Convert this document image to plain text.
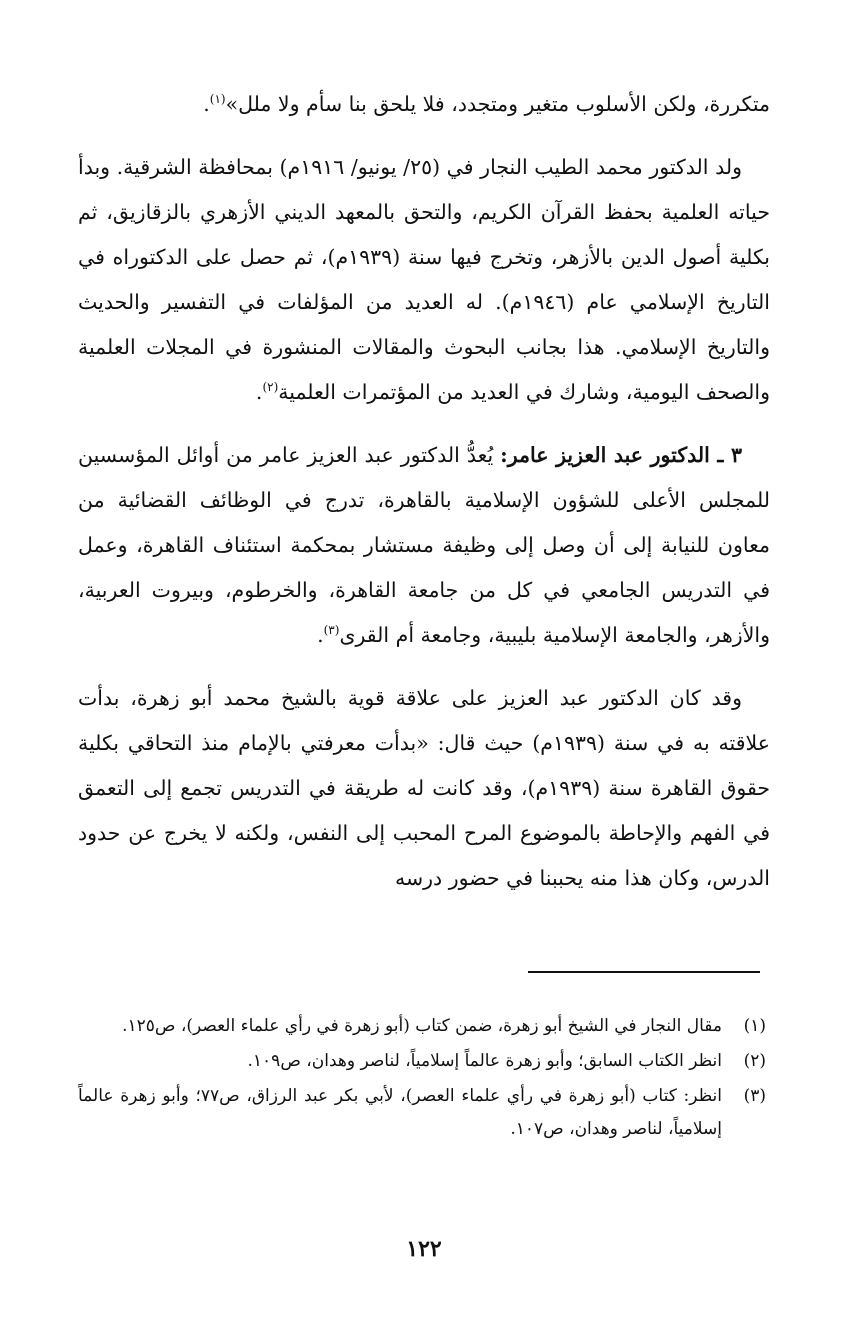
متكررة، ولكن الأسلوب متغير ومتجدد، فلا يلحق بنا سأم ولا ملل»$^{(١)}$.

ولد الدكتور محمد الطيب النجار في (٢٥/ يونيو/ ١٩١٦م) بمحافظة الشرقية. وبدأ حياته العلمية بحفظ القرآن الكريم، والتحق بالمعهد الديني الأزهري بالزقازيق، ثم بكلية أصول الدين بالأزهر، وتخرج فيها سنة (١٩٣٩م)، ثم حصل على الدكتوراه في التاريخ الإسلامي عام (١٩٤٦م). له العديد من المؤلفات في التفسير والحديث والتاريخ الإسلامي. هذا بجانب البحوث والمقالات المنشورة في المجلات العلمية والصحف اليومية، وشارك في العديد من المؤتمرات العلمية$^{(٢)}$.

٣ ـ الدكتور عبد العزيز عامر: يُعدُّ الدكتور عبد العزيز عامر من أوائل المؤسسين للمجلس الأعلى للشؤون الإسلامية بالقاهرة، تدرج في الوظائف القضائية من معاون للنيابة إلى أن وصل إلى وظيفة مستشار بمحكمة استئناف القاهرة، وعمل في التدريس الجامعي في كل من جامعة القاهرة، والخرطوم، وبيروت العربية، والأزهر، والجامعة الإسلامية بليبية، وجامعة أم القرى$^{(٣)}$.

وقد كان الدكتور عبد العزيز على علاقة قوية بالشيخ محمد أبو زهرة، بدأت علاقته به في سنة (١٩٣٩م) حيث قال: «بدأت معرفتي بالإمام منذ التحاقي بكلية حقوق القاهرة سنة (١٩٣٩م)، وقد كانت له طريقة في التدريس تجمع إلى التعمق في الفهم والإحاطة بالموضوع المرح المحبب إلى النفس، ولكنه لا يخرج عن حدود الدرس، وكان هذا منه يحببنا في حضور درسه

(١)
مقال النجار في الشيخ أبو زهرة، ضمن كتاب (أبو زهرة في رأي علماء العصر)، ص١٢٥.
(٢)
انظر الكتاب السابق؛ وأبو زهرة عالماً إسلامياً، لناصر وهدان، ص١٠٩.
(٣)
انظر: كتاب (أبو زهرة في رأي علماء العصر)، لأبي بكر عبد الرزاق، ص٧٧؛ وأبو زهرة عالماً إسلامياً، لناصر وهدان، ص١٠٧.
١٢٢
